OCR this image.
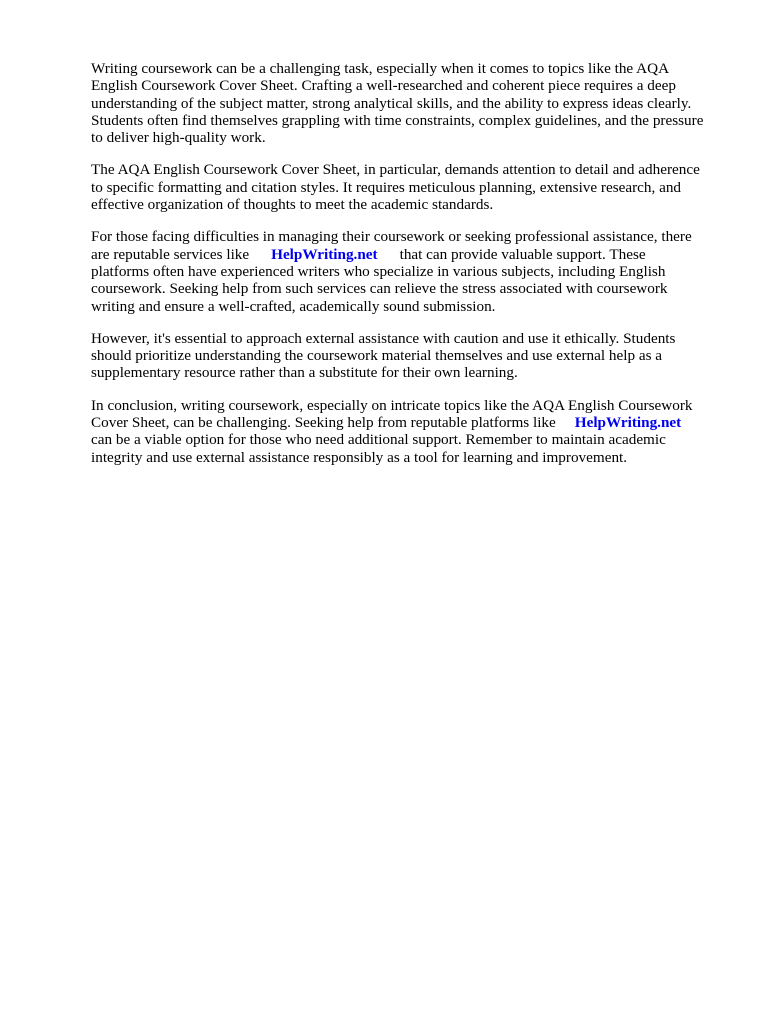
Writing coursework can be a challenging task, especially when it comes to topics like the AQA
English Coursework Cover Sheet. Crafting a well-researched and coherent piece requires a deep
understanding of the subject matter, strong analytical skills, and the ability to express ideas clearly.
Students often find themselves grappling with time constraints, complex guidelines, and the pressure
to deliver high-quality work.

The AQA English Coursework Cover Sheet, in particular, demands attention to detail and adherence
to specific formatting and citation styles. It requires meticulous planning, extensive research, and
effective organization of thoughts to meet the academic standards.

For those facing difficulties in managing their coursework or seeking professional assistance, there
are reputable services like HelpWriting.net that can provide valuable support. These
platforms often have experienced writers who specialize in various subjects, including English
coursework. Seeking help from such services can relieve the stress associated with coursework
writing and ensure a well-crafted, academically sound submission.

However, it's essential to approach external assistance with caution and use it ethically. Students
should prioritize understanding the coursework material themselves and use external help as a
supplementary resource rather than a substitute for their own learning.

In conclusion, writing coursework, especially on intricate topics like the AQA English Coursework
Cover Sheet, can be challenging. Seeking help from reputable platforms like HelpWriting.net
can be a viable option for those who need additional support. Remember to maintain academic
integrity and use external assistance responsibly as a tool for learning and improvement.
